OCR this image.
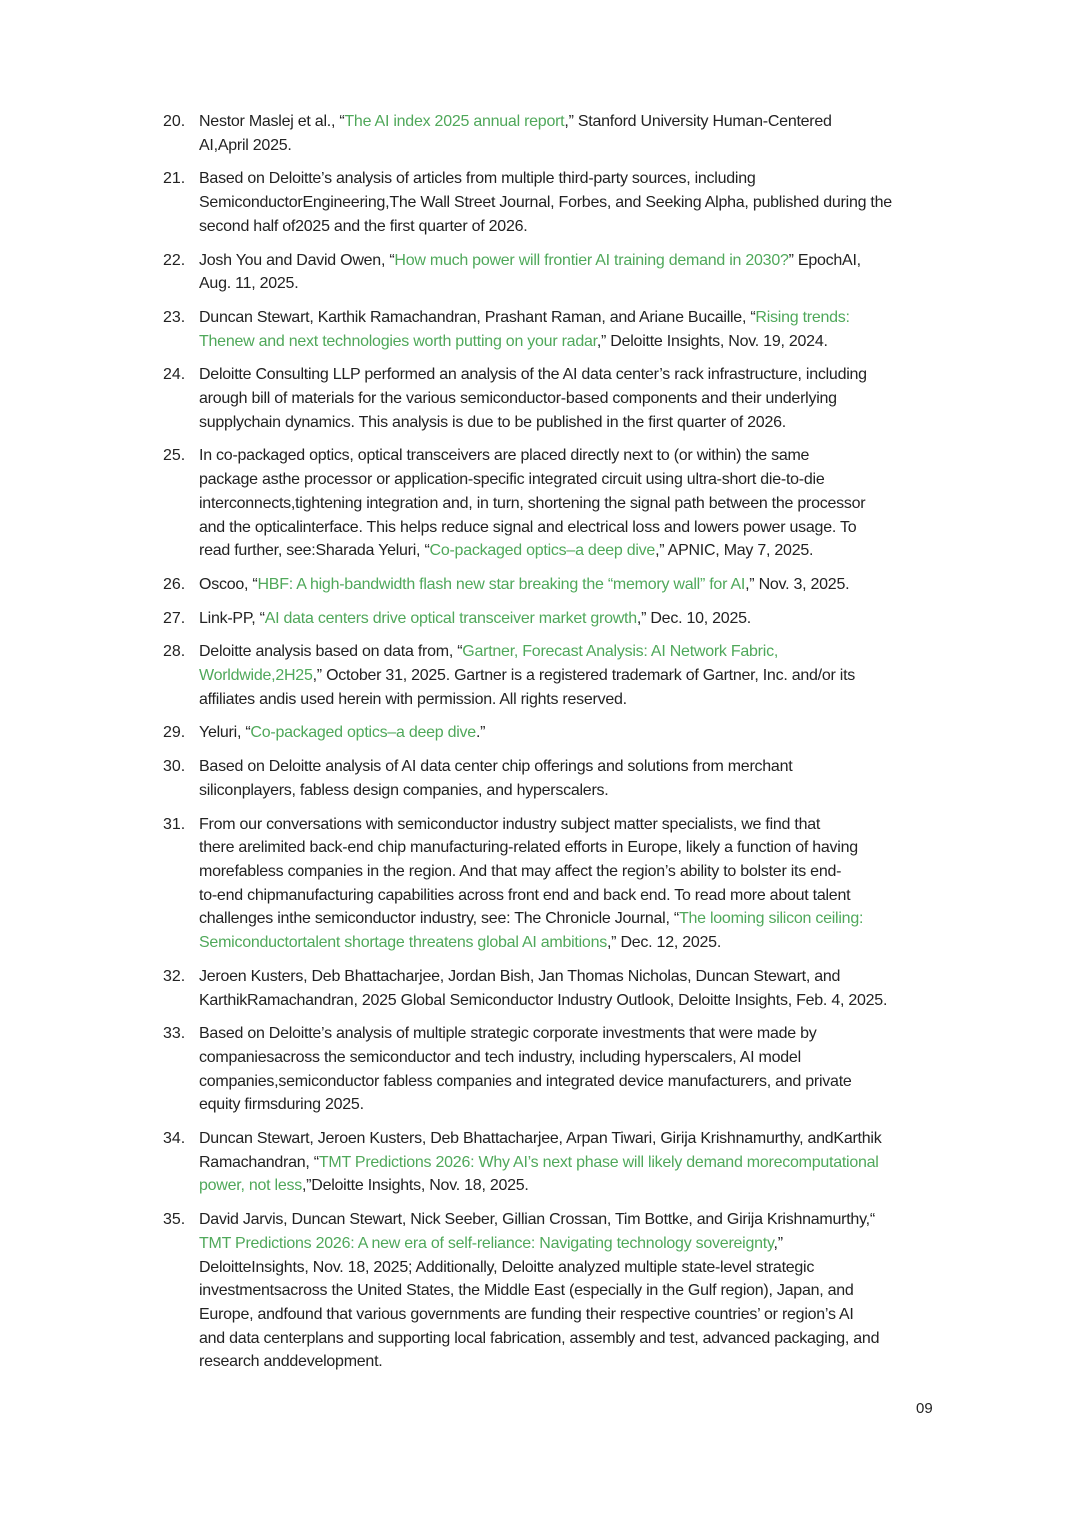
20. Nestor Maslej et al., “The AI index 2025 annual report,” Stanford University Human-Centered
AI,April 2025.
21. Based on Deloitte’s analysis of articles from multiple third-party sources, including
SemiconductorEngineering,The Wall Street Journal, Forbes, and Seeking Alpha, published during the
second half of2025 and the first quarter of 2026.
22. Josh You and David Owen, “How much power will frontier AI training demand in 2030?” EpochAI,
Aug. 11, 2025.
23. Duncan Stewart, Karthik Ramachandran, Prashant Raman, and Ariane Bucaille, “Rising trends:
Thenew and next technologies worth putting on your radar,” Deloitte Insights, Nov. 19, 2024.
24. Deloitte Consulting LLP performed an analysis of the AI data center’s rack infrastructure, including
arough bill of materials for the various semiconductor-based components and their underlying
supplychain dynamics. This analysis is due to be published in the first quarter of 2026.
25. In co-packaged optics, optical transceivers are placed directly next to (or within) the same
package asthe processor or application-specific integrated circuit using ultra-short die-to-die
interconnects,tightening integration and, in turn, shortening the signal path between the processor
and the opticalinterface. This helps reduce signal and electrical loss and lowers power usage. To
read further, see:Sharada Yeluri, “Co-packaged optics–a deep dive,” APNIC, May 7, 2025.
26. Oscoo, “HBF: A high-bandwidth flash new star breaking the “memory wall” for AI,” Nov. 3, 2025.
27. Link-PP, “AI data centers drive optical transceiver market growth,” Dec. 10, 2025.
28. Deloitte analysis based on data from, “Gartner, Forecast Analysis: AI Network Fabric,
Worldwide,2H25,” October 31, 2025. Gartner is a registered trademark of Gartner, Inc. and/or its
affiliates andis used herein with permission. All rights reserved.
29. Yeluri, “Co-packaged optics–a deep dive.”
30. Based on Deloitte analysis of AI data center chip offerings and solutions from merchant
siliconplayers, fabless design companies, and hyperscalers.
31. From our conversations with semiconductor industry subject matter specialists, we find that
there arelimited back-end chip manufacturing-related efforts in Europe, likely a function of having
morefabless companies in the region. And that may affect the region’s ability to bolster its end-
to-end chipmanufacturing capabilities across front end and back end. To read more about talent
challenges inthe semiconductor industry, see: The Chronicle Journal, “The looming silicon ceiling:
Semiconductortalent shortage threatens global AI ambitions,” Dec. 12, 2025.
32. Jeroen Kusters, Deb Bhattacharjee, Jordan Bish, Jan Thomas Nicholas, Duncan Stewart, and
KarthikRamachandran, 2025 Global Semiconductor Industry Outlook, Deloitte Insights, Feb. 4, 2025.
33. Based on Deloitte’s analysis of multiple strategic corporate investments that were made by
companiesacross the semiconductor and tech industry, including hyperscalers, AI model
companies,semiconductor fabless companies and integrated device manufacturers, and private
equity firmsduring 2025.
34. Duncan Stewart, Jeroen Kusters, Deb Bhattacharjee, Arpan Tiwari, Girija Krishnamurthy, andKarthik
Ramachandran, “TMT Predictions 2026: Why AI’s next phase will likely demand morecomputational
power, not less,”Deloitte Insights, Nov. 18, 2025.
35. David Jarvis, Duncan Stewart, Nick Seeber, Gillian Crossan, Tim Bottke, and Girija Krishnamurthy,“
TMT Predictions 2026: A new era of self-reliance: Navigating technology sovereignty,”
DeloitteInsights, Nov. 18, 2025; Additionally, Deloitte analyzed multiple state-level strategic
investmentsacross the United States, the Middle East (especially in the Gulf region), Japan, and
Europe, andfound that various governments are funding their respective countries’ or region’s AI
and data centerplans and supporting local fabrication, assembly and test, advanced packaging, and
research anddevelopment.
09
